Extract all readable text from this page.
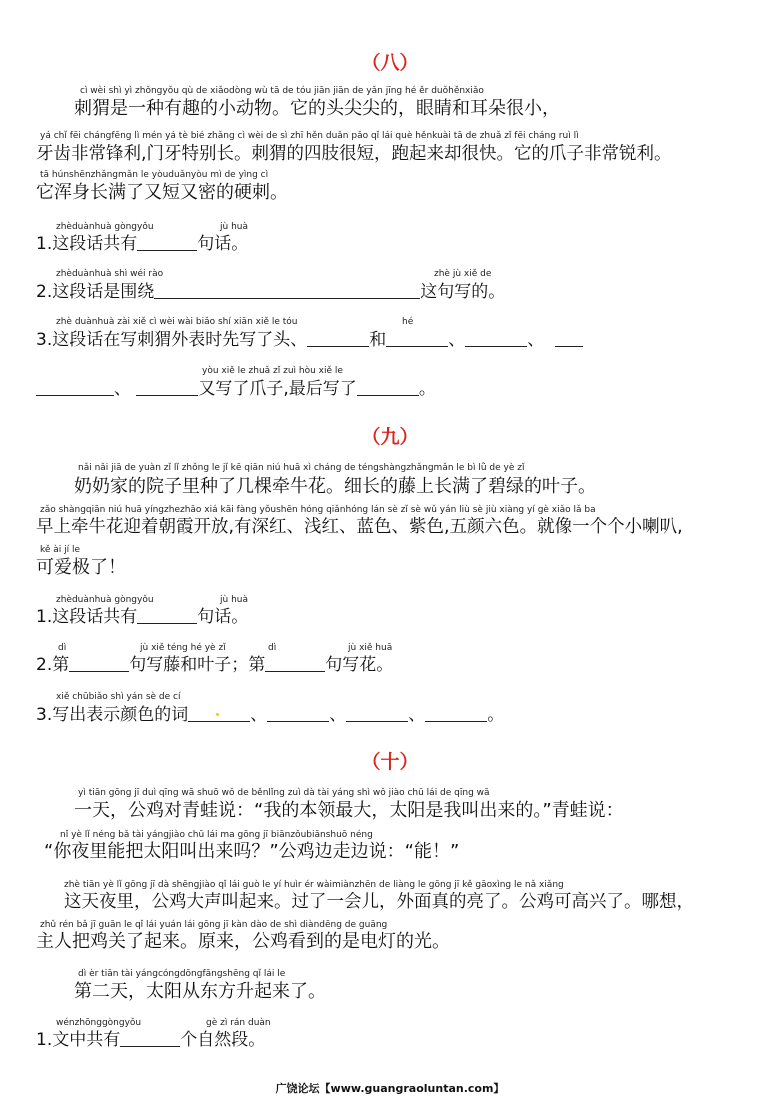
（八）
cì wèi shì yì zhǒngyǒu qù de xiǎodòng wù tā de tóu jiān jiān de yǎn jīng hé ěr duǒhěnxiǎo
刺猬是一种有趣的小动物。它的头尖尖的，眼睛和耳朵很小，
yá chǐ fēi chángfēng lì mén yá tè bié zhǎng cì wèi de sì zhī hěn duǎn pǎo qǐ lái què hěnkuài tā de zhuǎ zǐ fēi cháng ruì lì
牙齿非常锋利,门牙特别长。刺猬的四肢很短，跑起来却很快。它的爪子非常锐利。
tā húnshēnzhǎngmǎn le yòuduǎnyòu mì de yìng cì
它浑身长满了又短又密的硬刺。
zhèduànhuà gòngyǒu	jù huà
1.这段话共有	句话。
zhèduànhuà shì wéi rào	zhè jù xiě de
2.这段话是围绕	这句写的。
zhè duànhuà zài xiě cì wèi wài biǎo shí xiān xiě le tóu	hé
3.这段话在写刺猬外表时先写了头、	和	、	、
yòu xiě le zhuǎ zǐ zuì hòu xiě le
、	又写了爪子,最后写了	。
（九）
nǎi nǎi jiā de yuàn zǐ lǐ zhǒng le jǐ kē qiān niú huā xì cháng de téngshàngzhǎngmǎn le bì lǜ de yè zǐ
奶奶家的院子里种了几棵牵牛花。细长的藤上长满了碧绿的叶子。
zǎo shàngqiān niú huā yíngzhezhāo xiá kāi fàng yǒushēn hóng qiǎnhóng lán sè zǐ sè wǔ yán liù sè jiù xiàng yí gè xiǎo lǎ ba
早上牵牛花迎着朝霞开放,有深红、浅红、蓝色、紫色,五颜六色。就像一个个小喇叭,
kě ài jí le
可爱极了！
zhèduànhuà gòngyǒu	jù huà
1.这段话共有	句话。
dì	jù xiě téng hé yè zǐ	dì	jù xiě huā
2.第	句写藤和叶子；第	句写花。
xiě chūbiǎo shì yán sè de cí
3.写出表示颜色的词	、	、	、	。
（十）
yì tiān gōng jī duì qīng wā shuō wǒ de běnlǐng zuì dà tài yáng shì wǒ jiào chū lái de qīng wā
一天，公鸡对青蛙说：“我的本领最大，太阳是我叫出来的。”青蛙说：
nǐ yè lǐ néng bǎ tài yángjiào chū lái ma gōng jī biānzǒubiānshuō néng
“你夜里能把太阳叫出来吗？”公鸡边走边说：“能！”
zhè tiān yè lǐ gōng jī dà shēngjiào qǐ lái guò le yí huìr ér wàimiànzhēn de liàng le gōng jī kě gāoxìng le nǎ xiǎng
这天夜里，公鸡大声叫起来。过了一会儿，外面真的亮了。公鸡可高兴了。哪想，
zhǔ rén bǎ jī guān le qǐ lái yuán lái gōng jī kàn dào de shì diàndēng de guāng
主人把鸡关了起来。原来，公鸡看到的是电灯的光。
dì èr tiān tài yángcóngdōngfāngshēng qǐ lái le
第二天，太阳从东方升起来了。
wénzhōnggòngyǒu	gè zì rán duàn
1.文中共有	个自然段。
广饶论坛【www.guangraoluntan.com】
